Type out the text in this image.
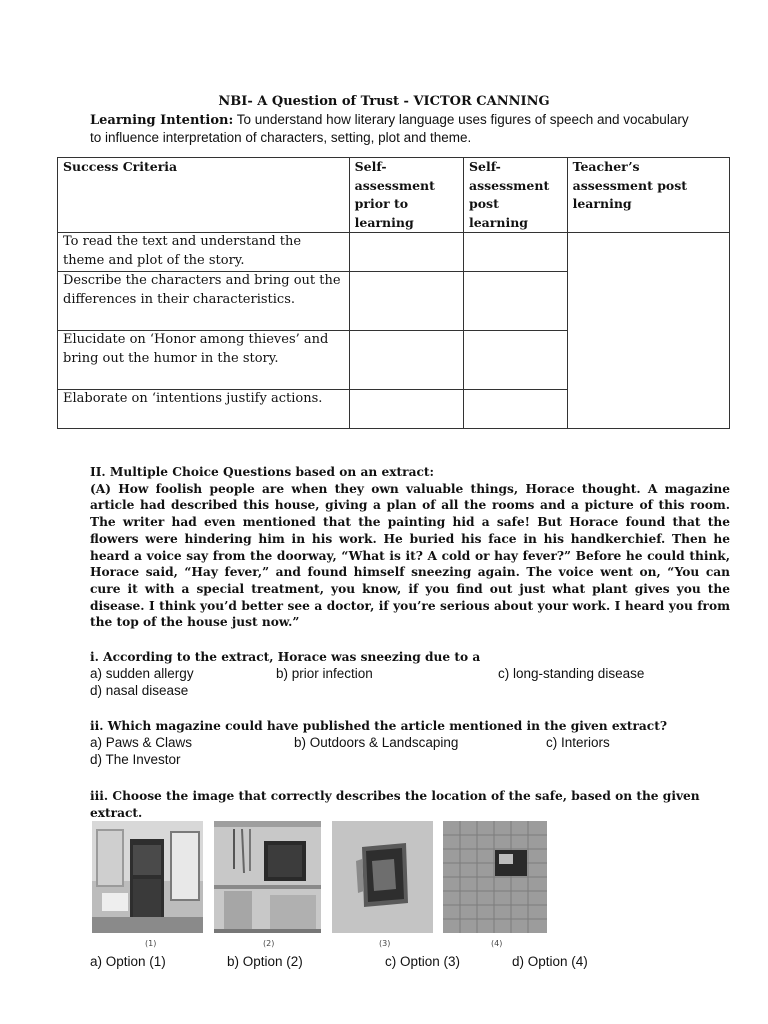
NBI- A Question of Trust - VICTOR CANNING
Learning Intention: To understand how literary language uses figures of speech and vocabulary to influence interpretation of characters, setting, plot and theme.
Success Criteria	Self-assessment prior to learning	Self-assessment post learning	Teacher’s assessment post learning
To read the text and understand the theme and plot of the story.			
Describe the characters and bring out the differences in their characteristics.			
Elucidate on ‘Honor among thieves’ and bring out the humor in the story.			
Elaborate on ‘intentions justify actions.			
II. Multiple Choice Questions based on an extract:
(A) How foolish people are when they own valuable things, Horace thought. A magazine article had described this house, giving a plan of all the rooms and a picture of this room. The writer had even mentioned that the painting hid a safe! But Horace found that the flowers were hindering him in his work. He buried his face in his handkerchief. Then he heard a voice say from the doorway, “What is it? A cold or hay fever?” Before he could think, Horace said, “Hay fever,” and found himself sneezing again. The voice went on, “You can cure it with a special treatment, you know, if you find out just what plant gives you the disease. I think you’d better see a doctor, if you’re serious about your work. I heard you from the top of the house just now.”
i. According to the extract, Horace was sneezing due to a
a) sudden allergy	b) prior infection	c) long-standing disease
d) nasal disease
ii. Which magazine could have published the article mentioned in the given extract?
a) Paws & Claws	b) Outdoors & Landscaping	c) Interiors
d) The Investor
iii. Choose the image that correctly describes the location of the safe, based on the given extract.
(1)	(2)	(3)	(4)
a) Option (1)	b) Option (2)	c) Option (3)	d) Option (4)
